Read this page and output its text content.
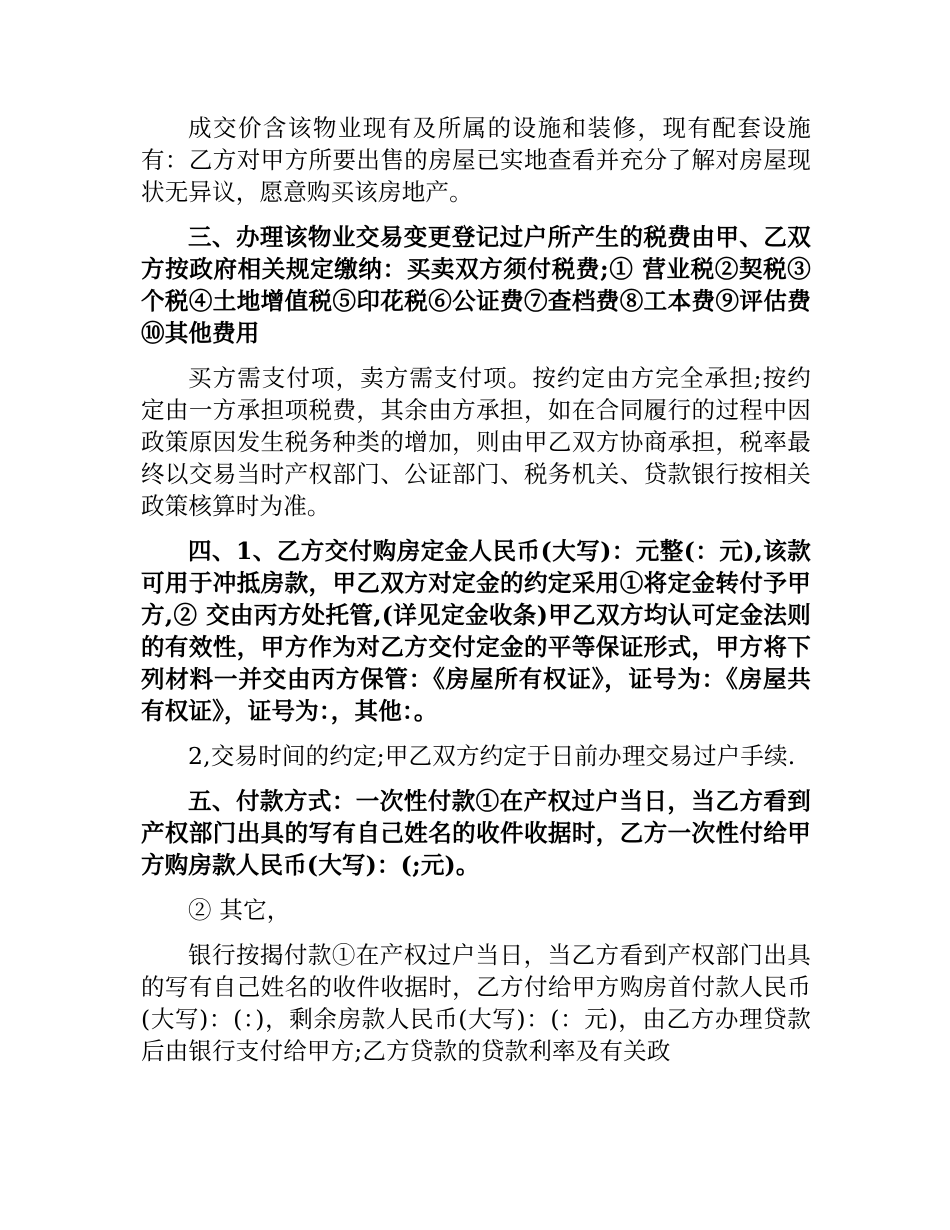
成交价含该物业现有及所属的设施和装修，现有配套设施有：乙方对甲方所要出售的房屋已实地查看并充分了解对房屋现状无异议，愿意购买该房地产。

三、办理该物业交易变更登记过户所产生的税费由甲、乙双方按政府相关规定缴纳：买卖双方须付税费;① 营业税②契税③个税④土地增值税⑤印花税⑥公证费⑦查档费⑧工本费⑨评估费⑩其他费用

买方需支付项，卖方需支付项。按约定由方完全承担;按约定由一方承担项税费，其余由方承担，如在合同履行的过程中因政策原因发生税务种类的增加，则由甲乙双方协商承担，税率最终以交易当时产权部门、公证部门、税务机关、贷款银行按相关政策核算时为准。

四、1、乙方交付购房定金人民币(大写)：元整(：元),该款可用于冲抵房款，甲乙双方对定金的约定采用①将定金转付予甲方,② 交由丙方处托管,(详见定金收条)甲乙双方均认可定金法则的有效性，甲方作为对乙方交付定金的平等保证形式，甲方将下列材料一并交由丙方保管：《房屋所有权证》，证号为：《房屋共有权证》，证号为：，其他：。

2,交易时间的约定;甲乙双方约定于日前办理交易过户手续.

五、付款方式：一次性付款①在产权过户当日，当乙方看到产权部门出具的写有自己姓名的收件收据时，乙方一次性付给甲方购房款人民币(大写)：(;元)。

② 其它，

银行按揭付款①在产权过户当日，当乙方看到产权部门出具的写有自己姓名的收件收据时，乙方付给甲方购房首付款人民币(大写)：(：)，剩余房款人民币(大写)：(：元)，由乙方办理贷款后由银行支付给甲方;乙方贷款的贷款利率及有关政
